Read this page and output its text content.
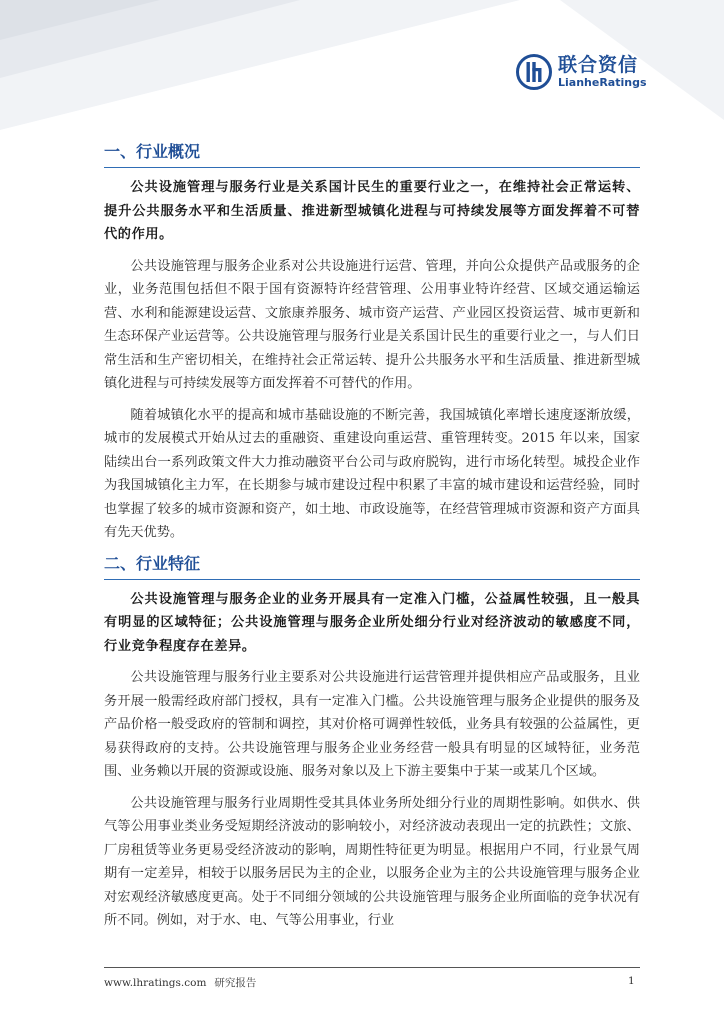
联合资信
LianheRatings
一、行业概况

公共设施管理与服务行业是关系国计民生的重要行业之一，在维持社会正常运转、提升公共服务水平和生活质量、推进新型城镇化进程与可持续发展等方面发挥着不可替代的作用。

公共设施管理与服务企业系对公共设施进行运营、管理，并向公众提供产品或服务的企业，业务范围包括但不限于国有资源特许经营管理、公用事业特许经营、区域交通运输运营、水利和能源建设运营、文旅康养服务、城市资产运营、产业园区投资运营、城市更新和生态环保产业运营等。公共设施管理与服务行业是关系国计民生的重要行业之一，与人们日常生活和生产密切相关，在维持社会正常运转、提升公共服务水平和生活质量、推进新型城镇化进程与可持续发展等方面发挥着不可替代的作用。

随着城镇化水平的提高和城市基础设施的不断完善，我国城镇化率增长速度逐渐放缓，城市的发展模式开始从过去的重融资、重建设向重运营、重管理转变。2015 年以来，国家陆续出台一系列政策文件大力推动融资平台公司与政府脱钩，进行市场化转型。城投企业作为我国城镇化主力军，在长期参与城市建设过程中积累了丰富的城市建设和运营经验，同时也掌握了较多的城市资源和资产，如土地、市政设施等，在经营管理城市资源和资产方面具有先天优势。

二、行业特征

公共设施管理与服务企业的业务开展具有一定准入门槛，公益属性较强，且一般具有明显的区域特征；公共设施管理与服务企业所处细分行业对经济波动的敏感度不同，行业竞争程度存在差异。

公共设施管理与服务行业主要系对公共设施进行运营管理并提供相应产品或服务，且业务开展一般需经政府部门授权，具有一定准入门槛。公共设施管理与服务企业提供的服务及产品价格一般受政府的管制和调控，其对价格可调弹性较低，业务具有较强的公益属性，更易获得政府的支持。公共设施管理与服务企业业务经营一般具有明显的区域特征，业务范围、业务赖以开展的资源或设施、服务对象以及上下游主要集中于某一或某几个区域。

公共设施管理与服务行业周期性受其具体业务所处细分行业的周期性影响。如供水、供气等公用事业类业务受短期经济波动的影响较小，对经济波动表现出一定的抗跌性；文旅、厂房租赁等业务更易受经济波动的影响，周期性特征更为明显。根据用户不同，行业景气周期有一定差异，相较于以服务居民为主的企业，以服务企业为主的公共设施管理与服务企业对宏观经济敏感度更高。处于不同细分领域的公共设施管理与服务企业所面临的竞争状况有所不同。例如，对于水、电、气等公用事业，行业

www.lhratings.com 研究报告	1
